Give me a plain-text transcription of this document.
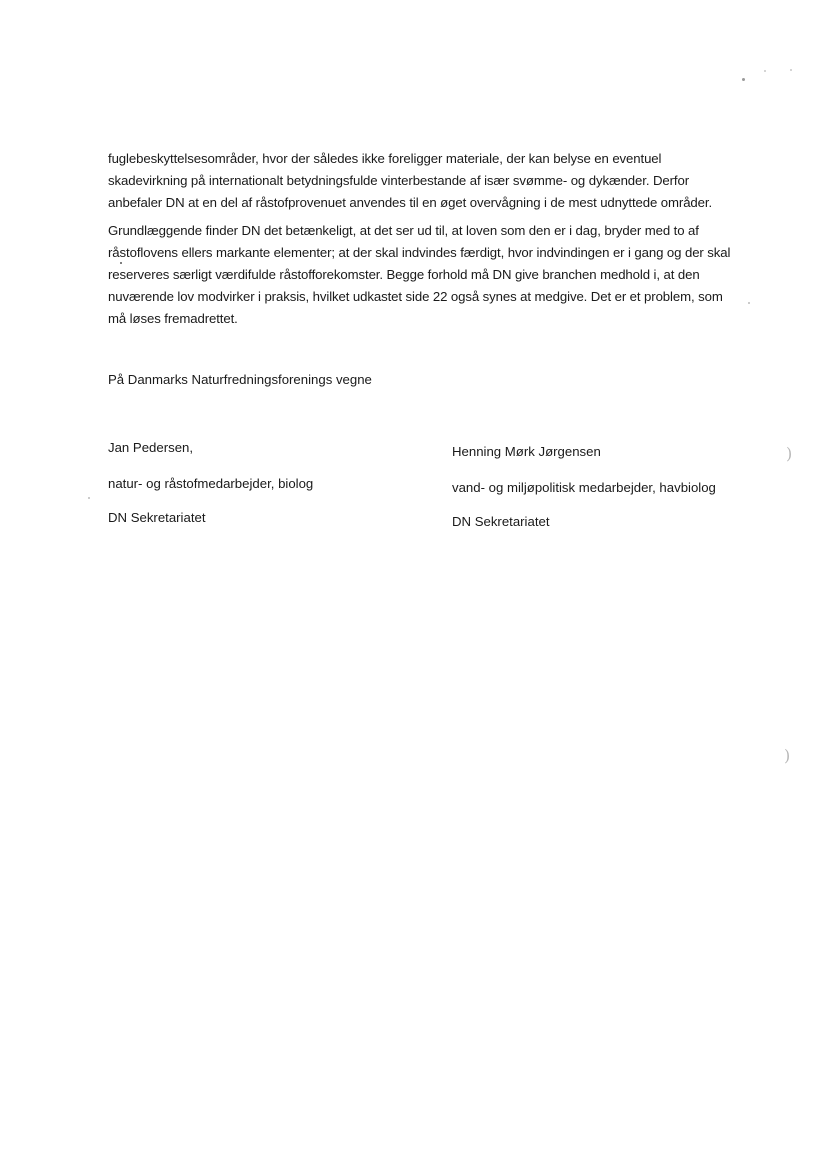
)
)

fuglebeskyttelsesområder, hvor der således ikke foreligger materiale, der kan belyse en eventuel skadevirkning på internationalt betydningsfulde vinterbestande af især svømme- og dykænder. Derfor anbefaler DN at en del af råstofprovenuet anvendes til en øget overvågning i de mest udnyttede områder.

Grundlæggende finder DN det betænkeligt, at det ser ud til, at loven som den er i dag, bryder med to af råstoflovens ellers markante elementer; at der skal indvindes færdigt, hvor indvindingen er i gang og der skal reserveres særligt værdifulde råstofforekomster. Begge forhold må DN give branchen medhold i, at den nuværende lov modvirker i praksis, hvilket udkastet side 22 også synes at medgive. Det er et problem, som må løses fremadrettet.

På Danmarks Naturfredningsforenings vegne

Jan Pedersen,
natur- og råstofmedarbejder, biolog
DN Sekretariatet
Henning Mørk Jørgensen
vand- og miljøpolitisk medarbejder, havbiolog
DN Sekretariatet
